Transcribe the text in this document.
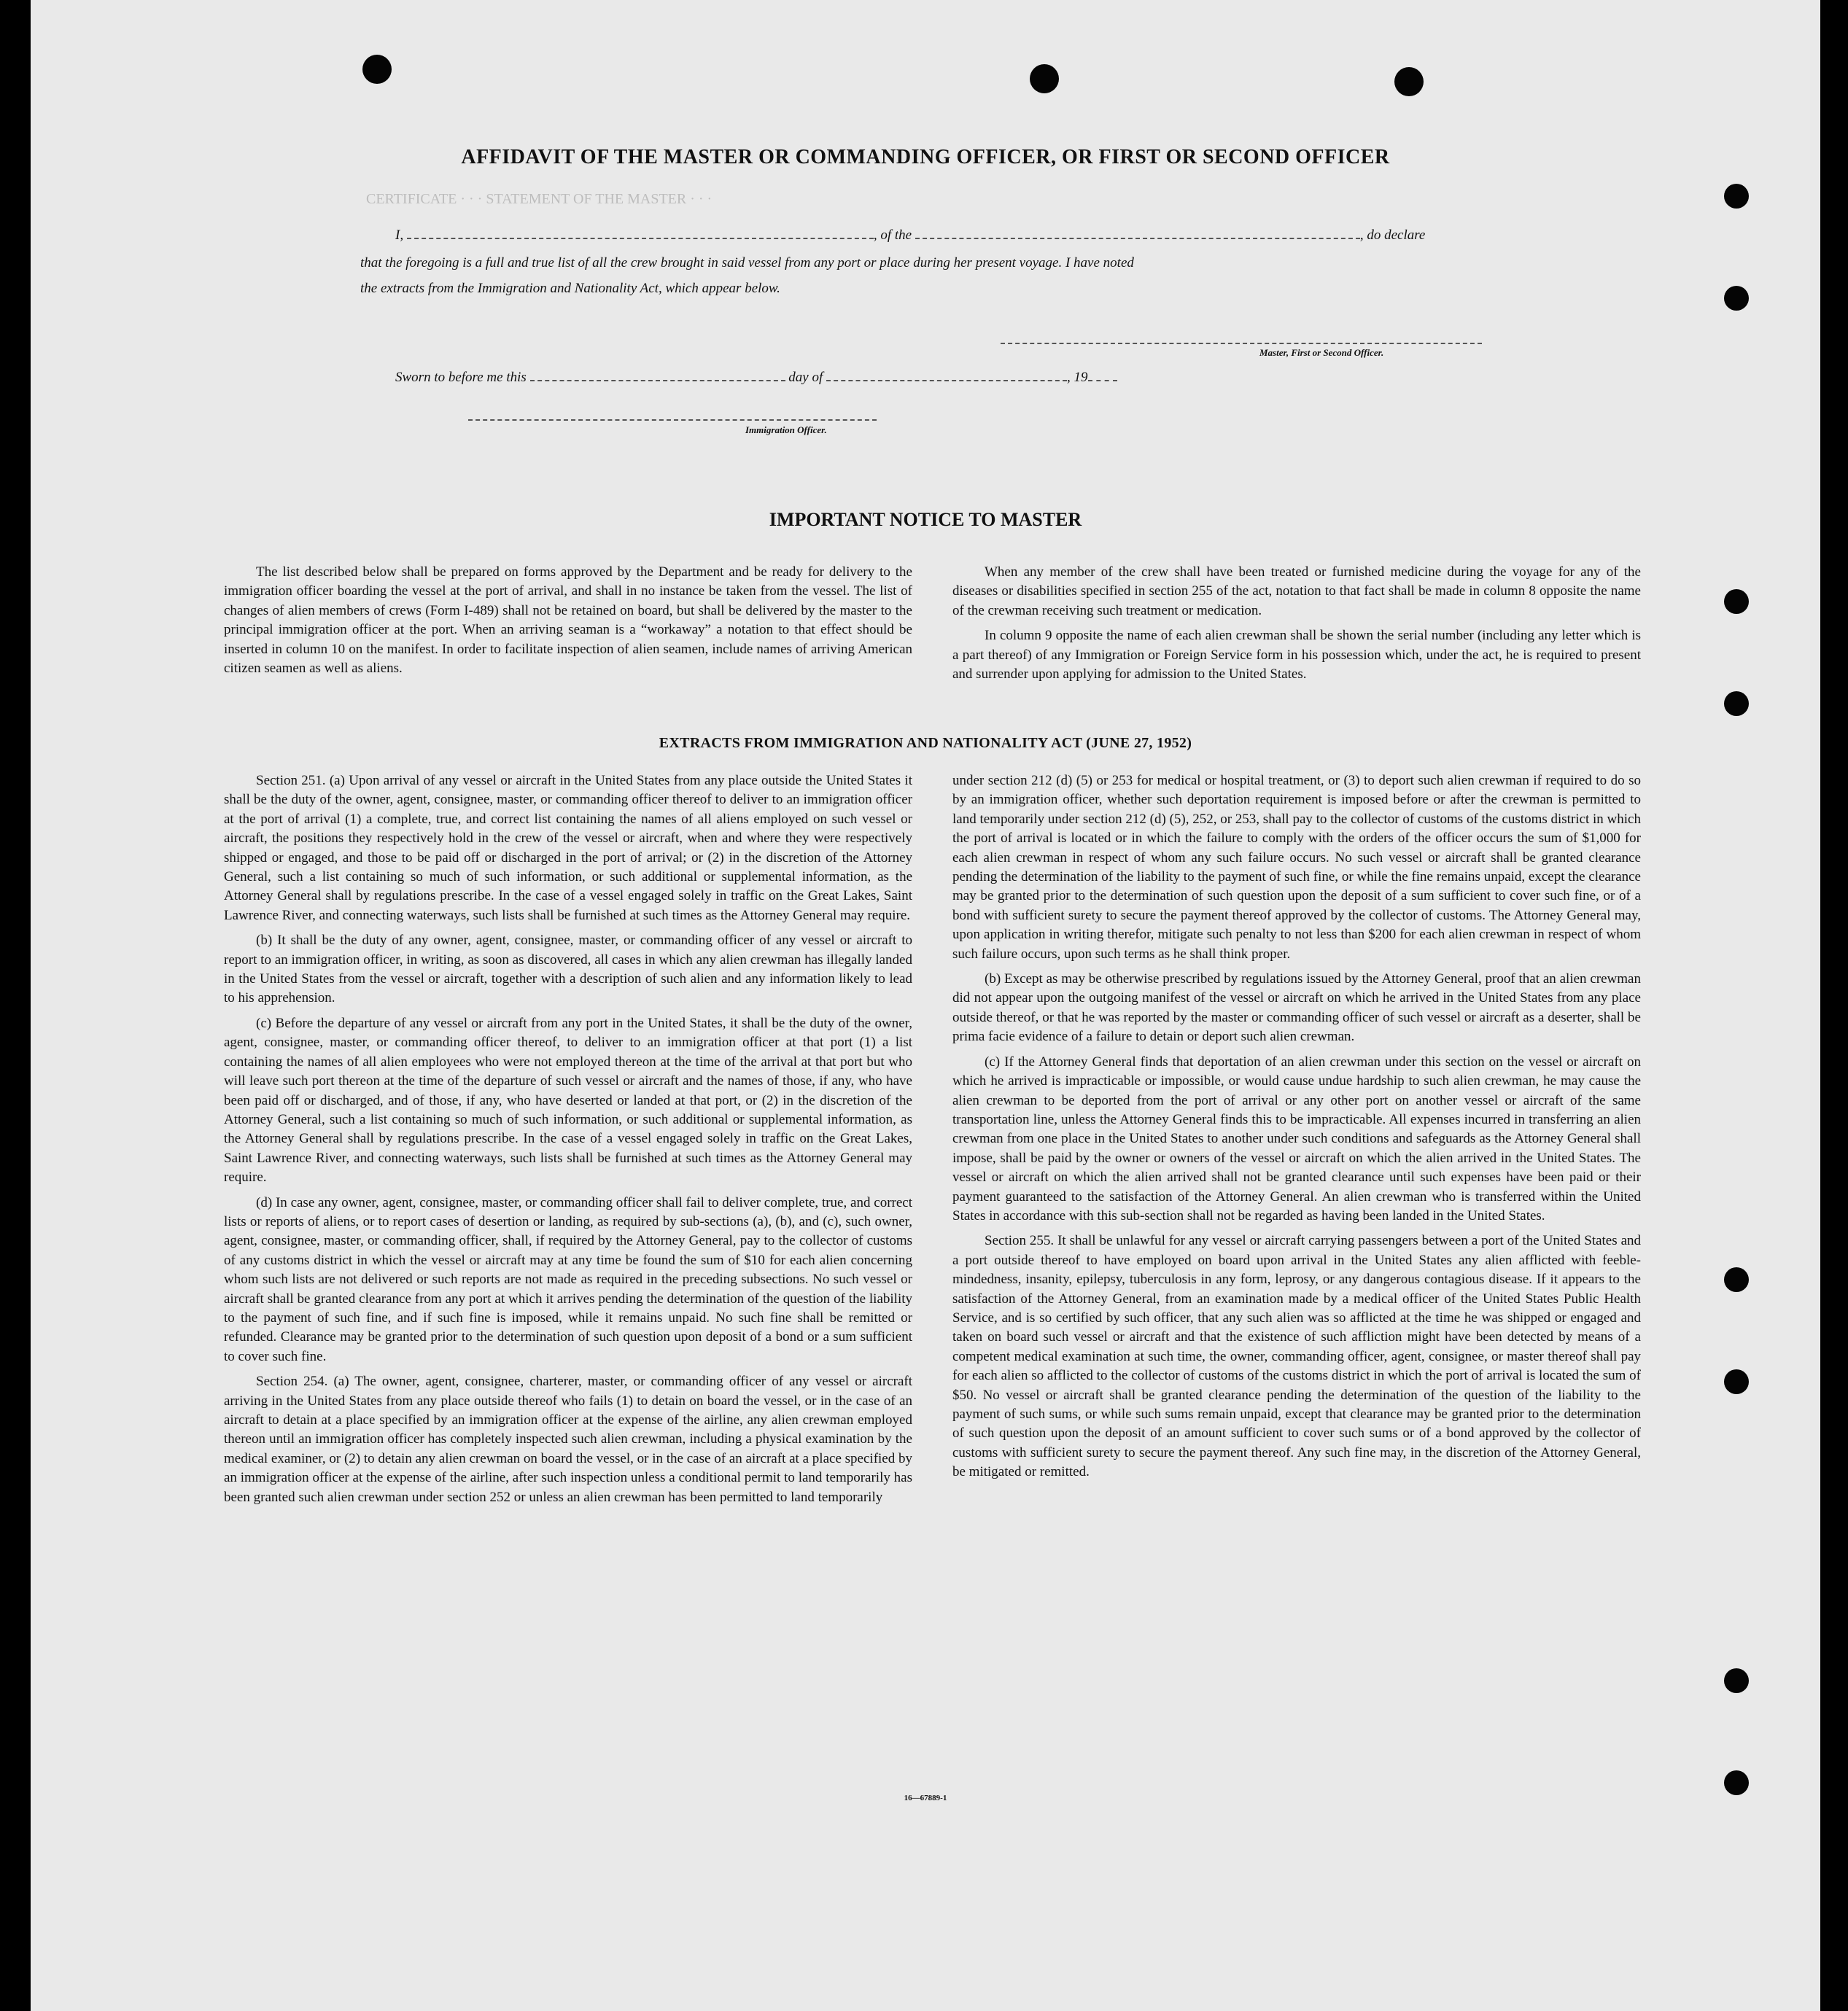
AFFIDAVIT OF THE MASTER OR COMMANDING OFFICER, OR FIRST OR SECOND OFFICER
CERTIFICATE · · · STATEMENT OF THE MASTER · · ·
I,	, of the	, do declare
that the foregoing is a full and true list of all the crew brought in said vessel from any port or place during her present voyage. I have noted
the extracts from the Immigration and Nationality Act, which appear below.
Master, First or Second Officer.
Sworn to before me this	day of	, 19
Immigration Officer.
IMPORTANT NOTICE TO MASTER

The list described below shall be prepared on forms approved by the Department and be ready for delivery to the immigration officer boarding the vessel at the port of arrival, and shall in no instance be taken from the vessel. The list of changes of alien members of crews (Form I-489) shall not be retained on board, but shall be delivered by the master to the principal immigration officer at the port. When an arriving seaman is a “workaway” a notation to that effect should be inserted in column 10 on the manifest. In order to facilitate inspection of alien seamen, include names of arriving American citizen seamen as well as aliens.

When any member of the crew shall have been treated or furnished medicine during the voyage for any of the diseases or disabilities specified in section 255 of the act, notation to that fact shall be made in column 8 opposite the name of the crewman receiving such treatment or medication.

In column 9 opposite the name of each alien crewman shall be shown the serial number (including any letter which is a part thereof) of any Immigration or Foreign Service form in his possession which, under the act, he is required to present and surrender upon applying for admission to the United States.

EXTRACTS FROM IMMIGRATION AND NATIONALITY ACT (JUNE 27, 1952)

Section 251. (a) Upon arrival of any vessel or aircraft in the United States from any place outside the United States it shall be the duty of the owner, agent, consignee, master, or commanding officer thereof to deliver to an immigration officer at the port of arrival (1) a complete, true, and correct list containing the names of all aliens employed on such vessel or aircraft, the positions they respectively hold in the crew of the vessel or aircraft, when and where they were respectively shipped or engaged, and those to be paid off or discharged in the port of arrival; or (2) in the discretion of the Attorney General, such a list containing so much of such information, or such additional or supplemental information, as the Attorney General shall by regulations prescribe. In the case of a vessel engaged solely in traffic on the Great Lakes, Saint Lawrence River, and connecting waterways, such lists shall be furnished at such times as the Attorney General may require.

(b) It shall be the duty of any owner, agent, consignee, master, or commanding officer of any vessel or aircraft to report to an immigration officer, in writing, as soon as discovered, all cases in which any alien crewman has illegally landed in the United States from the vessel or aircraft, together with a description of such alien and any information likely to lead to his apprehension.

(c) Before the departure of any vessel or aircraft from any port in the United States, it shall be the duty of the owner, agent, consignee, master, or commanding officer thereof, to deliver to an immigration officer at that port (1) a list containing the names of all alien employees who were not employed thereon at the time of the arrival at that port but who will leave such port thereon at the time of the departure of such vessel or aircraft and the names of those, if any, who have been paid off or discharged, and of those, if any, who have deserted or landed at that port, or (2) in the discretion of the Attorney General, such a list containing so much of such information, or such additional or supplemental information, as the Attorney General shall by regulations prescribe. In the case of a vessel engaged solely in traffic on the Great Lakes, Saint Lawrence River, and connecting waterways, such lists shall be furnished at such times as the Attorney General may require.

(d) In case any owner, agent, consignee, master, or commanding officer shall fail to deliver complete, true, and correct lists or reports of aliens, or to report cases of desertion or landing, as required by sub-sections (a), (b), and (c), such owner, agent, consignee, master, or commanding officer, shall, if required by the Attorney General, pay to the collector of customs of any customs district in which the vessel or aircraft may at any time be found the sum of $10 for each alien concerning whom such lists are not delivered or such reports are not made as required in the preceding subsections. No such vessel or aircraft shall be granted clearance from any port at which it arrives pending the determination of the question of the liability to the payment of such fine, and if such fine is imposed, while it remains unpaid. No such fine shall be remitted or refunded. Clearance may be granted prior to the determination of such question upon deposit of a bond or a sum sufficient to cover such fine.

Section 254. (a) The owner, agent, consignee, charterer, master, or commanding officer of any vessel or aircraft arriving in the United States from any place outside thereof who fails (1) to detain on board the vessel, or in the case of an aircraft to detain at a place specified by an immigration officer at the expense of the airline, any alien crewman employed thereon until an immigration officer has completely inspected such alien crewman, including a physical examination by the medical examiner, or (2) to detain any alien crewman on board the vessel, or in the case of an aircraft at a place specified by an immigration officer at the expense of the airline, after such inspection unless a conditional permit to land temporarily has been granted such alien crewman under section 252 or unless an alien crewman has been permitted to land temporarily

under section 212 (d) (5) or 253 for medical or hospital treatment, or (3) to deport such alien crewman if required to do so by an immigration officer, whether such deportation requirement is imposed before or after the crewman is permitted to land temporarily under section 212 (d) (5), 252, or 253, shall pay to the collector of customs of the customs district in which the port of arrival is located or in which the failure to comply with the orders of the officer occurs the sum of $1,000 for each alien crewman in respect of whom any such failure occurs. No such vessel or aircraft shall be granted clearance pending the determination of the liability to the payment of such fine, or while the fine remains unpaid, except the clearance may be granted prior to the determination of such question upon the deposit of a sum sufficient to cover such fine, or of a bond with sufficient surety to secure the payment thereof approved by the collector of customs. The Attorney General may, upon application in writing therefor, mitigate such penalty to not less than $200 for each alien crewman in respect of whom such failure occurs, upon such terms as he shall think proper.

(b) Except as may be otherwise prescribed by regulations issued by the Attorney General, proof that an alien crewman did not appear upon the outgoing manifest of the vessel or aircraft on which he arrived in the United States from any place outside thereof, or that he was reported by the master or commanding officer of such vessel or aircraft as a deserter, shall be prima facie evidence of a failure to detain or deport such alien crewman.

(c) If the Attorney General finds that deportation of an alien crewman under this section on the vessel or aircraft on which he arrived is impracticable or impossible, or would cause undue hardship to such alien crewman, he may cause the alien crewman to be deported from the port of arrival or any other port on another vessel or aircraft of the same transportation line, unless the Attorney General finds this to be impracticable. All expenses incurred in transferring an alien crewman from one place in the United States to another under such conditions and safeguards as the Attorney General shall impose, shall be paid by the owner or owners of the vessel or aircraft on which the alien arrived in the United States. The vessel or aircraft on which the alien arrived shall not be granted clearance until such expenses have been paid or their payment guaranteed to the satisfaction of the Attorney General. An alien crewman who is transferred within the United States in accordance with this sub-section shall not be regarded as having been landed in the United States.

Section 255. It shall be unlawful for any vessel or aircraft carrying passengers between a port of the United States and a port outside thereof to have employed on board upon arrival in the United States any alien afflicted with feeble-mindedness, insanity, epilepsy, tuberculosis in any form, leprosy, or any dangerous contagious disease. If it appears to the satisfaction of the Attorney General, from an examination made by a medical officer of the United States Public Health Service, and is so certified by such officer, that any such alien was so afflicted at the time he was shipped or engaged and taken on board such vessel or aircraft and that the existence of such affliction might have been detected by means of a competent medical examination at such time, the owner, commanding officer, agent, consignee, or master thereof shall pay for each alien so afflicted to the collector of customs of the customs district in which the port of arrival is located the sum of $50. No vessel or aircraft shall be granted clearance pending the determination of the question of the liability to the payment of such sums, or while such sums remain unpaid, except that clearance may be granted prior to the determination of such question upon the deposit of an amount sufficient to cover such sums or of a bond approved by the collector of customs with sufficient surety to secure the payment thereof. Any such fine may, in the discretion of the Attorney General, be mitigated or remitted.

16—67889-1
